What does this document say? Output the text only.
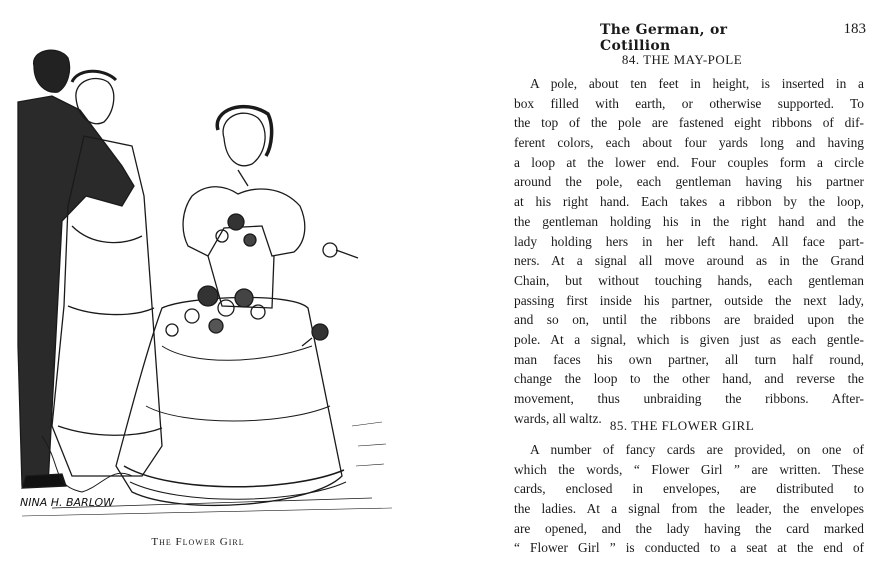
NINA H. BARLOW
The Flower Girl
The German, or Cotillion
183
84. THE MAY-POLE
A pole, about ten feet in height, is inserted in a
box filled with earth, or otherwise supported. To
the top of the pole are fastened eight ribbons of dif-
ferent colors, each about four yards long and having
a loop at the lower end. Four couples form a circle
around the pole, each gentleman having his partner
at his right hand. Each takes a ribbon by the loop,
the gentleman holding his in the right hand and the
lady holding hers in her left hand. All face part-
ners. At a signal all move around as in the Grand
Chain, but without touching hands, each gentleman
passing first inside his partner, outside the next lady,
and so on, until the ribbons are braided upon the
pole. At a signal, which is given just as each gentle-
man faces his own partner, all turn half round,
change the loop to the other hand, and reverse the
movement, thus unbraiding the ribbons. After-
wards, all waltz. 85. THE FLOWER GIRL
A number of fancy cards are provided, on one of
which the words, “ Flower Girl ” are written. These
cards, enclosed in envelopes, are distributed to
the ladies. At a signal from the leader, the envelopes
are opened, and the lady having the card marked
“ Flower Girl ” is conducted to a seat at the end of
